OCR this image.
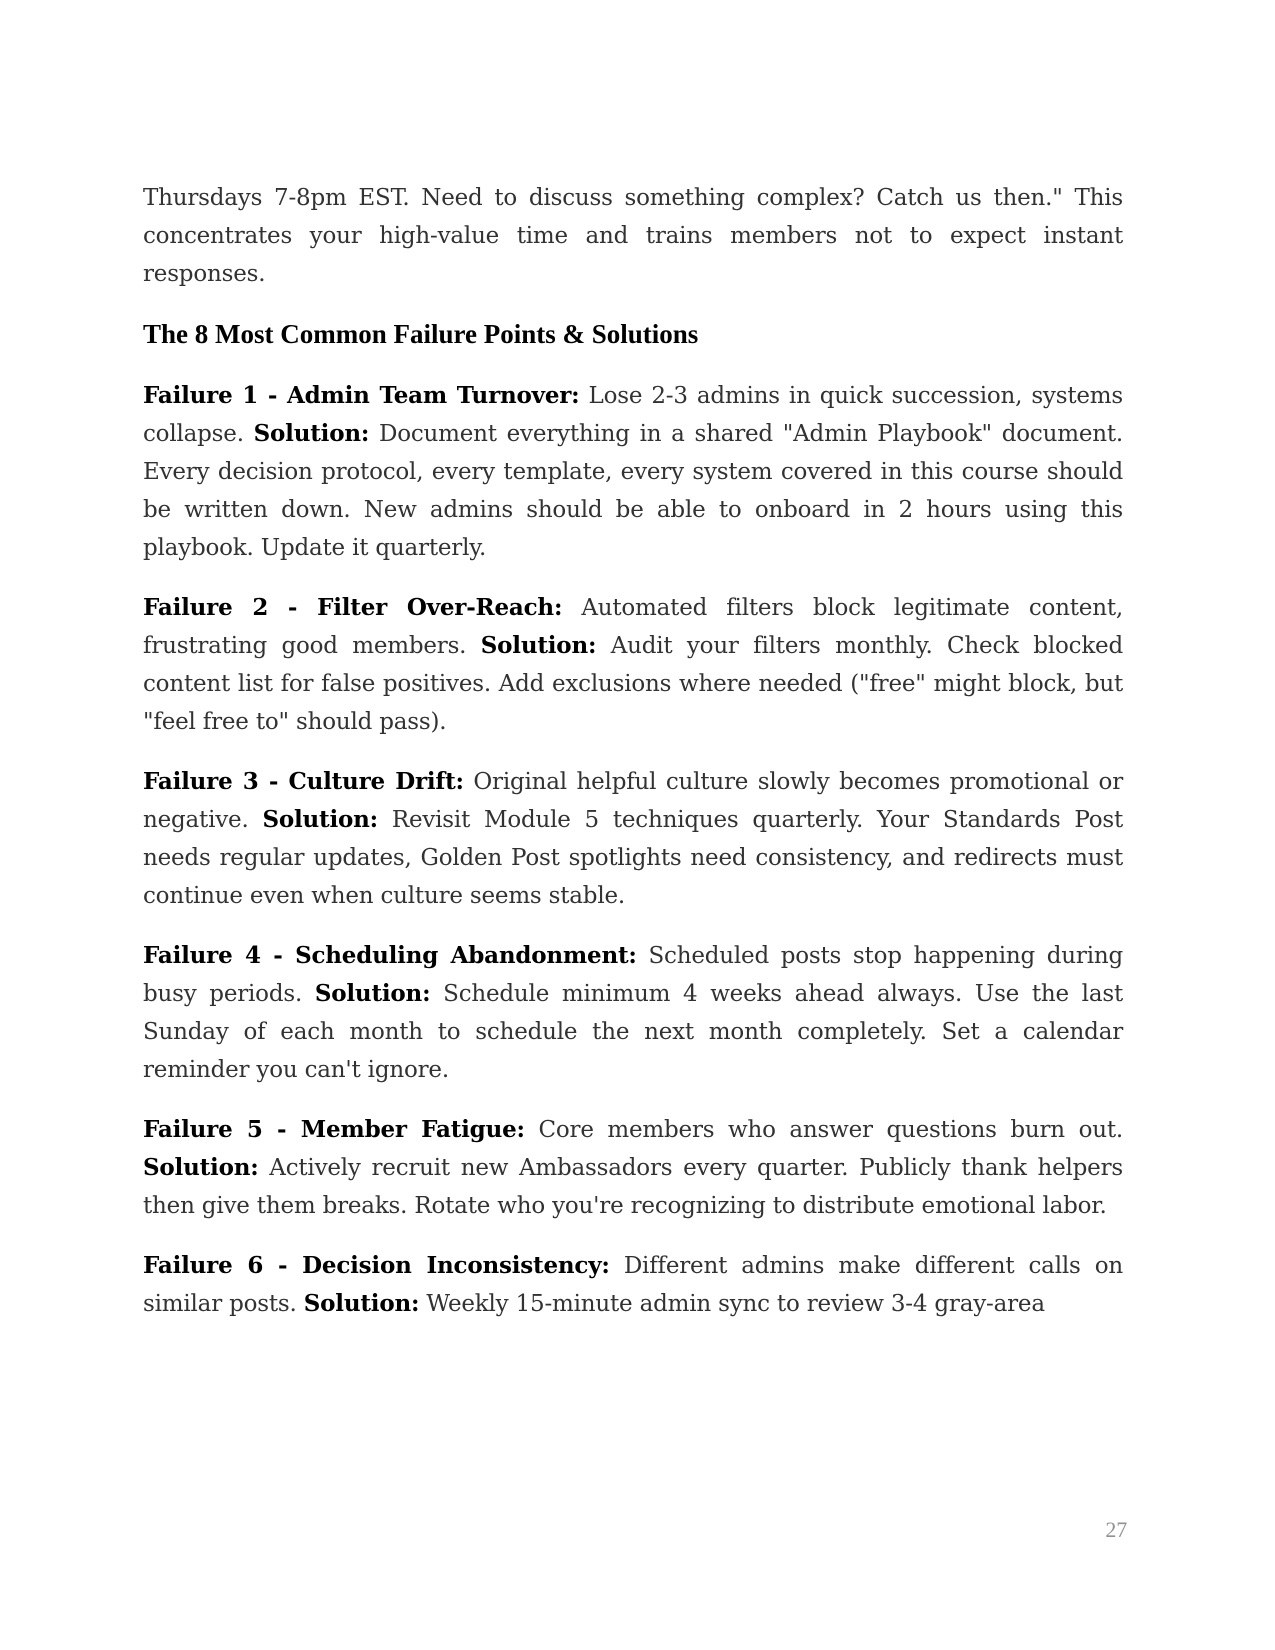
Thursdays 7-8pm EST. Need to discuss something complex? Catch us then." This concentrates your high-value time and trains members not to expect instant responses.

The 8 Most Common Failure Points & Solutions

Failure 1 - Admin Team Turnover: Lose 2-3 admins in quick succession, systems collapse. Solution: Document everything in a shared "Admin Playbook" document. Every decision protocol, every template, every system covered in this course should be written down. New admins should be able to onboard in 2 hours using this playbook. Update it quarterly.

Failure 2 - Filter Over-Reach: Automated filters block legitimate content, frustrating good members. Solution: Audit your filters monthly. Check blocked content list for false positives. Add exclusions where needed ("free" might block, but "feel free to" should pass).

Failure 3 - Culture Drift: Original helpful culture slowly becomes promotional or negative. Solution: Revisit Module 5 techniques quarterly. Your Standards Post needs regular updates, Golden Post spotlights need consistency, and redirects must continue even when culture seems stable.

Failure 4 - Scheduling Abandonment: Scheduled posts stop happening during busy periods. Solution: Schedule minimum 4 weeks ahead always. Use the last Sunday of each month to schedule the next month completely. Set a calendar reminder you can't ignore.

Failure 5 - Member Fatigue: Core members who answer questions burn out. Solution: Actively recruit new Ambassadors every quarter. Publicly thank helpers then give them breaks. Rotate who you're recognizing to distribute emotional labor.

Failure 6 - Decision Inconsistency: Different admins make different calls on similar posts. Solution: Weekly 15-minute admin sync to review 3-4 gray-area

27
